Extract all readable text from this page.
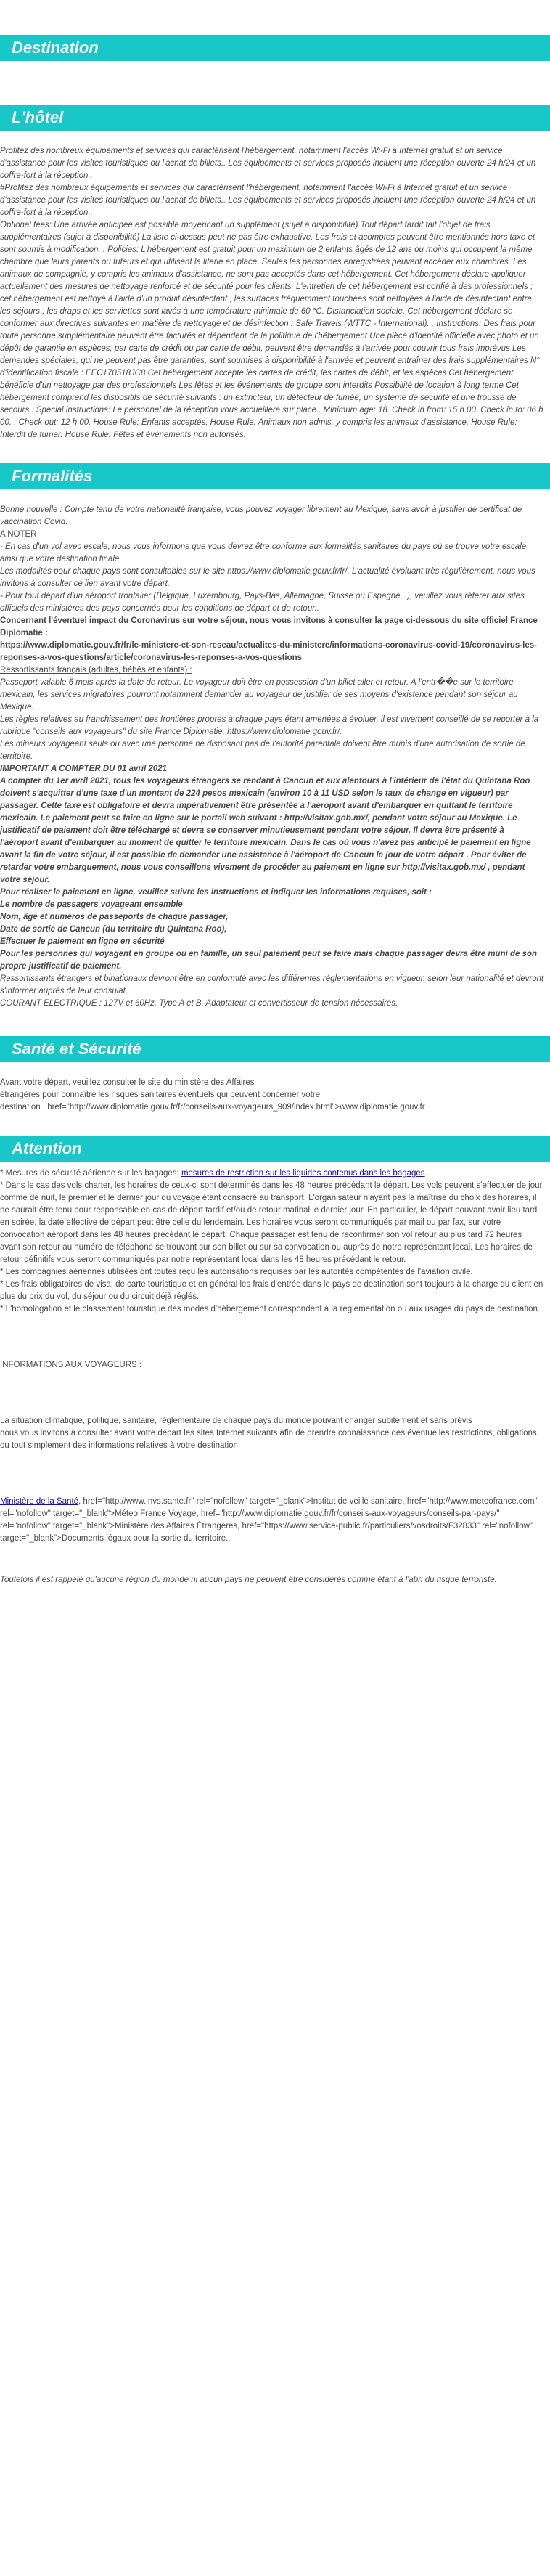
Destination
L'hôtel

Profitez des nombreux équipements et services qui caractérisent l'hébergement, notamment l'accès Wi-Fi à Internet gratuit et un service d'assistance pour les visites touristiques ou l'achat de billets.. Les équipements et services proposés incluent une réception ouverte 24 h/24 et un coffre-fort à la réception..
#Profitez des nombreux équipements et services qui caractérisent l'hébergement, notamment l'accès Wi-Fi à Internet gratuit et un service d'assistance pour les visites touristiques ou l'achat de billets.. Les équipements et services proposés incluent une réception ouverte 24 h/24 et un coffre-fort à la réception..
Optional fees: Une arrivée anticipée est possible moyennant un supplément (sujet à disponibilité) Tout départ tardif fait l'objet de frais supplémentaires (sujet à disponibilité) La liste ci-dessus peut ne pas être exhaustive. Les frais et acomptes peuvent être mentionnés hors taxe et sont soumis à modification. . Policies: L'hébergement est gratuit pour un maximum de 2 enfants âgés de 12 ans ou moins qui occupent la même chambre que leurs parents ou tuteurs et qui utilisent la literie en place. Seules les personnes enregistrées peuvent accéder aux chambres. Les animaux de compagnie, y compris les animaux d'assistance, ne sont pas acceptés dans cet hébergement. Cet hébergement déclare appliquer actuellement des mesures de nettoyage renforcé et de sécurité pour les clients. L'entretien de cet hébergement est confié à des professionnels ; cet hébergement est nettoyé à l'aide d'un produit désinfectant ; les surfaces fréquemment touchées sont nettoyées à l'aide de désinfectant entre les séjours ; les draps et les serviettes sont lavés à une température minimale de 60 °C. Distanciation sociale. Cet hébergement déclare se conformer aux directives suivantes en matière de nettoyage et de désinfection : Safe Travels (WTTC - International). . Instructions: Des frais pour toute personne supplémentaire peuvent être facturés et dépendent de la politique de l'hébergement Une pièce d'identité officielle avec photo et un dépôt de garantie en espèces, par carte de crédit ou par carte de débit, peuvent être demandés à l'arrivée pour couvrir tous frais imprévus Les demandes spéciales, qui ne peuvent pas être garanties, sont soumises à disponibilité à l'arrivée et peuvent entraîner des frais supplémentaires N° d'identification fiscale : EEC170518JC8 Cet hébergement accepte les cartes de crédit, les cartes de débit, et les espèces Cet hébergement bénéficie d'un nettoyage par des professionnels Les fêtes et les événements de groupe sont interdits Possibilité de location à long terme Cet hébergement comprend les dispositifs de sécurité suivants : un extincteur, un détecteur de fumée, un système de sécurité et une trousse de secours . Special instructions: Le personnel de la réception vous accueillera sur place.. Minimum age: 18. Check in from: 15 h 00. Check in to: 06 h 00. . Check out: 12 h 00. House Rule: Enfants acceptés. House Rule: Animaux non admis, y compris les animaux d'assistance. House Rule: Interdit de fumer. House Rule: Fêtes et événements non autorisés.

Formalités

Bonne nouvelle : Compte tenu de votre nationalité française, vous pouvez voyager librement au Mexique, sans avoir à justifier de certificat de vaccination Covid.

A NOTER

- En cas d'un vol avec escale, nous vous informons que vous devrez être conforme aux formalités sanitaires du pays où se trouve votre escale ainsi que votre destination finale.

Les modalités pour chaque pays sont consultables sur le site https://www.diplomatie.gouv.fr/fr/. L'actualité évoluant très régulièrement, nous vous invitons à consulter ce lien avant votre départ.

- Pour tout départ d'un aéroport frontalier (Belgique, Luxembourg, Pays-Bas, Allemagne, Suisse ou Espagne...), veuillez vous référer aux sites officiels des ministères des pays concernés pour les conditions de départ et de retour..

Concernant l'éventuel impact du Coronavirus sur votre séjour, nous vous invitons à consulter la page ci-dessous du site officiel France Diplomatie :

https://www.diplomatie.gouv.fr/fr/le-ministere-et-son-reseau/actualites-du-ministere/informations-coronavirus-covid-19/coronavirus-les-reponses-a-vos-questions/article/coronavirus-les-reponses-a-vos-questions

Ressortissants français (adultes, bébés et enfants) :

Passeport valable 6 mois après la date de retour. Le voyageur doit être en possession d'un billet aller et retour. A l'entr��e sur le territoire mexicain, les services migratoires pourront notamment demander au voyageur de justifier de ses moyens d'existence pendant son séjour au Mexique.

Les règles relatives au franchissement des frontières propres à chaque pays étant amenées à évoluer, il est vivement conseillé de se reporter à la rubrique "conseils aux voyageurs" du site France Diplomatie, https://www.diplomatie.gouv.fr/.

Les mineurs voyageant seuls ou avec une personne ne disposant pas de l'autorité parentale doivent être munis d'une autorisation de sortie de territoire.

IMPORTANT A COMPTER DU 01 avril 2021

A compter du 1er avril 2021, tous les voyageurs étrangers se rendant à Cancun et aux alentours à l'intérieur de l'état du Quintana Roo doivent s'acquitter d'une taxe d'un montant de 224 pesos mexicain (environ 10 à 11 USD selon le taux de change en vigueur) par passager. Cette taxe est obligatoire et devra impérativement être présentée à l'aéroport avant d'embarquer en quittant le territoire mexicain. Le paiement peut se faire en ligne sur le portail web suivant : http://visitax.gob.mx/, pendant votre séjour au Mexique. Le justificatif de paiement doit être téléchargé et devra se conserver minutieusement pendant votre séjour. Il devra être présenté à l'aéroport avant d'embarquer au moment de quitter le territoire mexicain. Dans le cas où vous n'avez pas anticipé le paiement en ligne avant la fin de votre séjour, il est possible de demander une assistance à l'aéroport de Cancun le jour de votre départ . Pour éviter de retarder votre embarquement, nous vous conseillons vivement de procéder au paiement en ligne sur http://visitax.gob.mx/ , pendant votre séjour.

Pour réaliser le paiement en ligne, veuillez suivre les instructions et indiquer les informations requises, soit :

Le nombre de passagers voyageant ensemble

Nom, âge et numéros de passeports de chaque passager,

Date de sortie de Cancun (du territoire du Quintana Roo),

Effectuer le paiement en ligne en sécurité

Pour les personnes qui voyagent en groupe ou en famille, un seul paiement peut se faire mais chaque passager devra être muni de son propre justificatif de paiement.

Ressortissants étrangers et binationaux devront être en conformité avec les différentes réglementations en vigueur, selon leur nationalité et devront s'informer auprès de leur consulat.

COURANT ELECTRIQUE : 127V et 60Hz. Type A et B. Adaptateur et convertisseur de tension nécessaires.

Santé et Sécurité

Avant votre départ, veuillez consulter le site du ministère des Affaires

étrangères pour connaître les risques sanitaires éventuels qui peuvent concerner votre

destination : href="http://www.diplomatie.gouv.fr/fr/conseils-aux-voyageurs_909/index.html">www.diplomatie.gouv.fr

Attention

* Mesures de sécurité aérienne sur les bagages: mesures de restriction sur les liquides contenus dans les bagages.

* Dans le cas des vols charter, les horaires de ceux-ci sont déterminés dans les 48 heures précédant le départ. Les vols peuvent s'effectuer de jour comme de nuit, le premier et le dernier jour du voyage étant consacré au transport. L'organisateur n'ayant pas la maîtrise du choix des horaires, il ne saurait être tenu pour responsable en cas de départ tardif et/ou de retour matinal le dernier jour. En particulier, le départ pouvant avoir lieu tard en soirée, la date effective de départ peut être celle du lendemain. Les horaires vous seront communiqués par mail ou par fax, sur votre convocation aéroport dans les 48 heures précédant le départ. Chaque passager est tenu de reconfirmer son vol retour au plus tard 72 heures avant son retour au numéro de téléphone se trouvant sur son billet ou sur sa convocation ou auprès de notre représentant local. Les horaires de retour définitifs vous seront communiqués par notre représentant local dans les 48 heures précédant le retour.

* Les compagnies aériennes utilisées ont toutes reçu les autorisations requises par les autorités compétentes de l'aviation civile.

* Les frais obligatoires de visa, de carte touristique et en général les frais d'entrée dans le pays de destination sont toujours à la charge du client en plus du prix du vol, du séjour ou du circuit déjà réglés.

* L'homologation et le classement touristique des modes d'hébergement correspondent à la réglementation ou aux usages du pays de destination.

INFORMATIONS AUX VOYAGEURS :

La situation climatique, politique, sanitaire, réglementaire de chaque pays du monde pouvant changer subitement et sans prévis

nous vous invitons à consulter avant votre départ les sites Internet suivants afin de prendre connaissance des éventuelles restrictions, obligations ou tout simplement des informations relatives à votre destination.

Ministère de la Santé, href="http://www.invs.sante.fr" rel="nofollow" target="_blank">Institut de veille sanitaire, href="http://www.meteofrance.com" rel="nofollow" target="_blank">Méteo France Voyage, href="http://www.diplomatie.gouv.fr/fr/conseils-aux-voyageurs/conseils-par-pays/" rel="nofollow" target="_blank">Ministère des Affaires Étrangères, href="https://www.service-public.fr/particuliers/vosdroits/F32833" rel="nofollow" target="_blank">Documents légaux pour la sortie du territoire.

Toutefois il est rappelé qu'aucune région du monde ni aucun pays ne peuvent être considérés comme étant à l'abri du risque terroriste.
